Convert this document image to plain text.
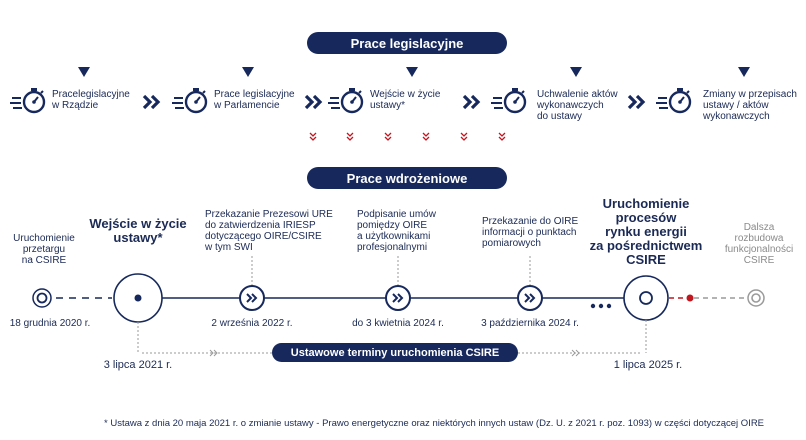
Prace legislacyjne
Prace wdrożeniowe
Pracelegislacyjne
w Rządzie
Prace legislacyjne
w Parlamencie
Wejście w życie
ustawy*
Uchwalenie aktów
wykonawczych
do ustawy
Zmiany w przepisach
ustawy / aktów
wykonawczych
Uruchomienie
przetargu
na CSIRE
18 grudnia 2020 r.
Wejście w życie
ustawy*
3 lipca 2021 r.
Przekazanie Prezesowi URE
do zatwierdzenia IRIESP
dotyczącego OIRE/CSIRE
w tym SWI
2 września 2022 r.
Podpisanie umów
pomiędzy OIRE
a użytkownikami
profesjonalnymi
do 3 kwietnia 2024 r.
Przekazanie do OIRE
informacji o punktach
pomiarowych
3 października 2024 r.
Uruchomienie
procesów
rynku energii
za pośrednictwem
CSIRE
1 lipca 2025 r.
Dalsza
rozbudowa
funkcjonalności
CSIRE
Ustawowe terminy uruchomienia CSIRE
* Ustawa z dnia 20 maja 2021 r. o zmianie ustawy - Prawo energetyczne oraz niektórych innych ustaw (Dz. U. z 2021 r. poz. 1093) w części dotyczącej OIRE
